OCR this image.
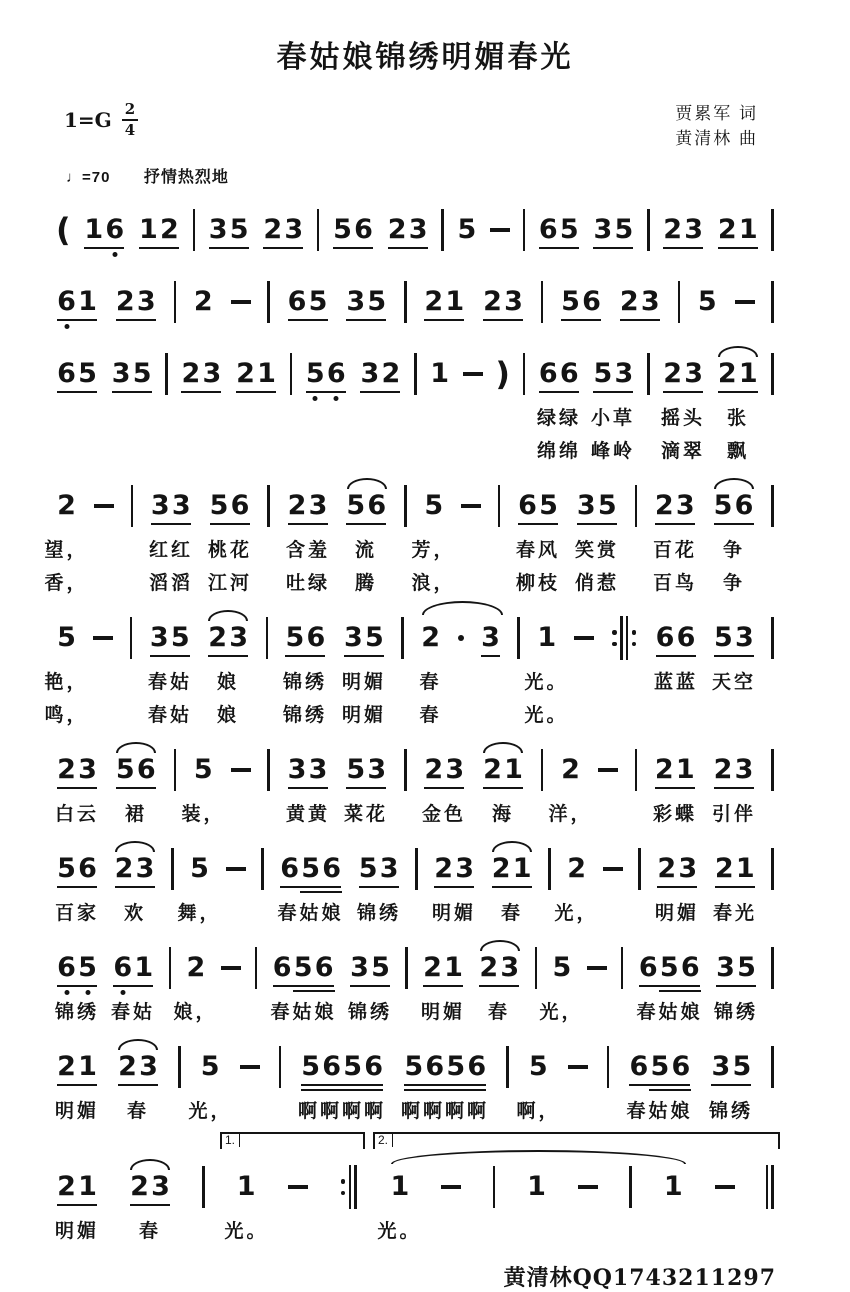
春姑娘锦绣明媚春光
$1=G \frac{2}{4}$	贾累军 词
黄清林 曲
♩=70 抒情热烈地
( 1 6 1 2 3 5 2 3 5 6 2 3 5 6 5 3 5 2 3 2 1
6 1 2 3 2	6 5 3 5 2 1 2 3 5 6 2 3 5
6 5 3 5 2 3 2 1 5 6 3 2 1 ) 6 6 5 3 2 3 2 1
绿绿 小草 摇头 张
绵绵 峰岭 滴翠 飘
2	3 3 5 6 2 3 5 6 5	6 5 3 5 2 3 5 6
望，	红红 桃花 含羞 流 芳，	春风 笑赏 百花 争
香，	滔滔 江河 吐绿 腾 浪，	柳枝 俏惹 百鸟 争
5	3 5 2 3 5 6 3 5 2 3 1	6 6 5 3
艳，	春姑 娘 锦绣 明媚 春	光。	蓝蓝 天空
鸣，	春姑 娘 锦绣 明媚 春	光。
2 3 5 6 5	3 3 5 3 2 3 2 1 2	2 1 2 3
白云 裙 装，	黄黄 菜花 金色 海 洋，	彩蝶 引伴
5 6 2 3 5	6 5 6 5 3 2 3 2 1 2	2 3 2 1
百家 欢 舞，	春姑娘 锦绣 明媚 春 光，	明媚 春光
6 5 6 1 2	6 5 6 3 5 2 1 2 3 5	6 5 6 3 5
锦绣 春姑 娘，	春姑娘 锦绣 明媚 春 光，	春姑娘 锦绣
2 1 2 3 5	5 6 5 6 5 6 5 6 5	6 5 6 3 5
明媚 春 光，	啊啊啊啊 啊啊啊啊 啊，	春姑娘 锦绣
2 1 2 3 1	1	1	1
明媚 春	光。	光。
1.	2.
黄清林QQ1743211297
